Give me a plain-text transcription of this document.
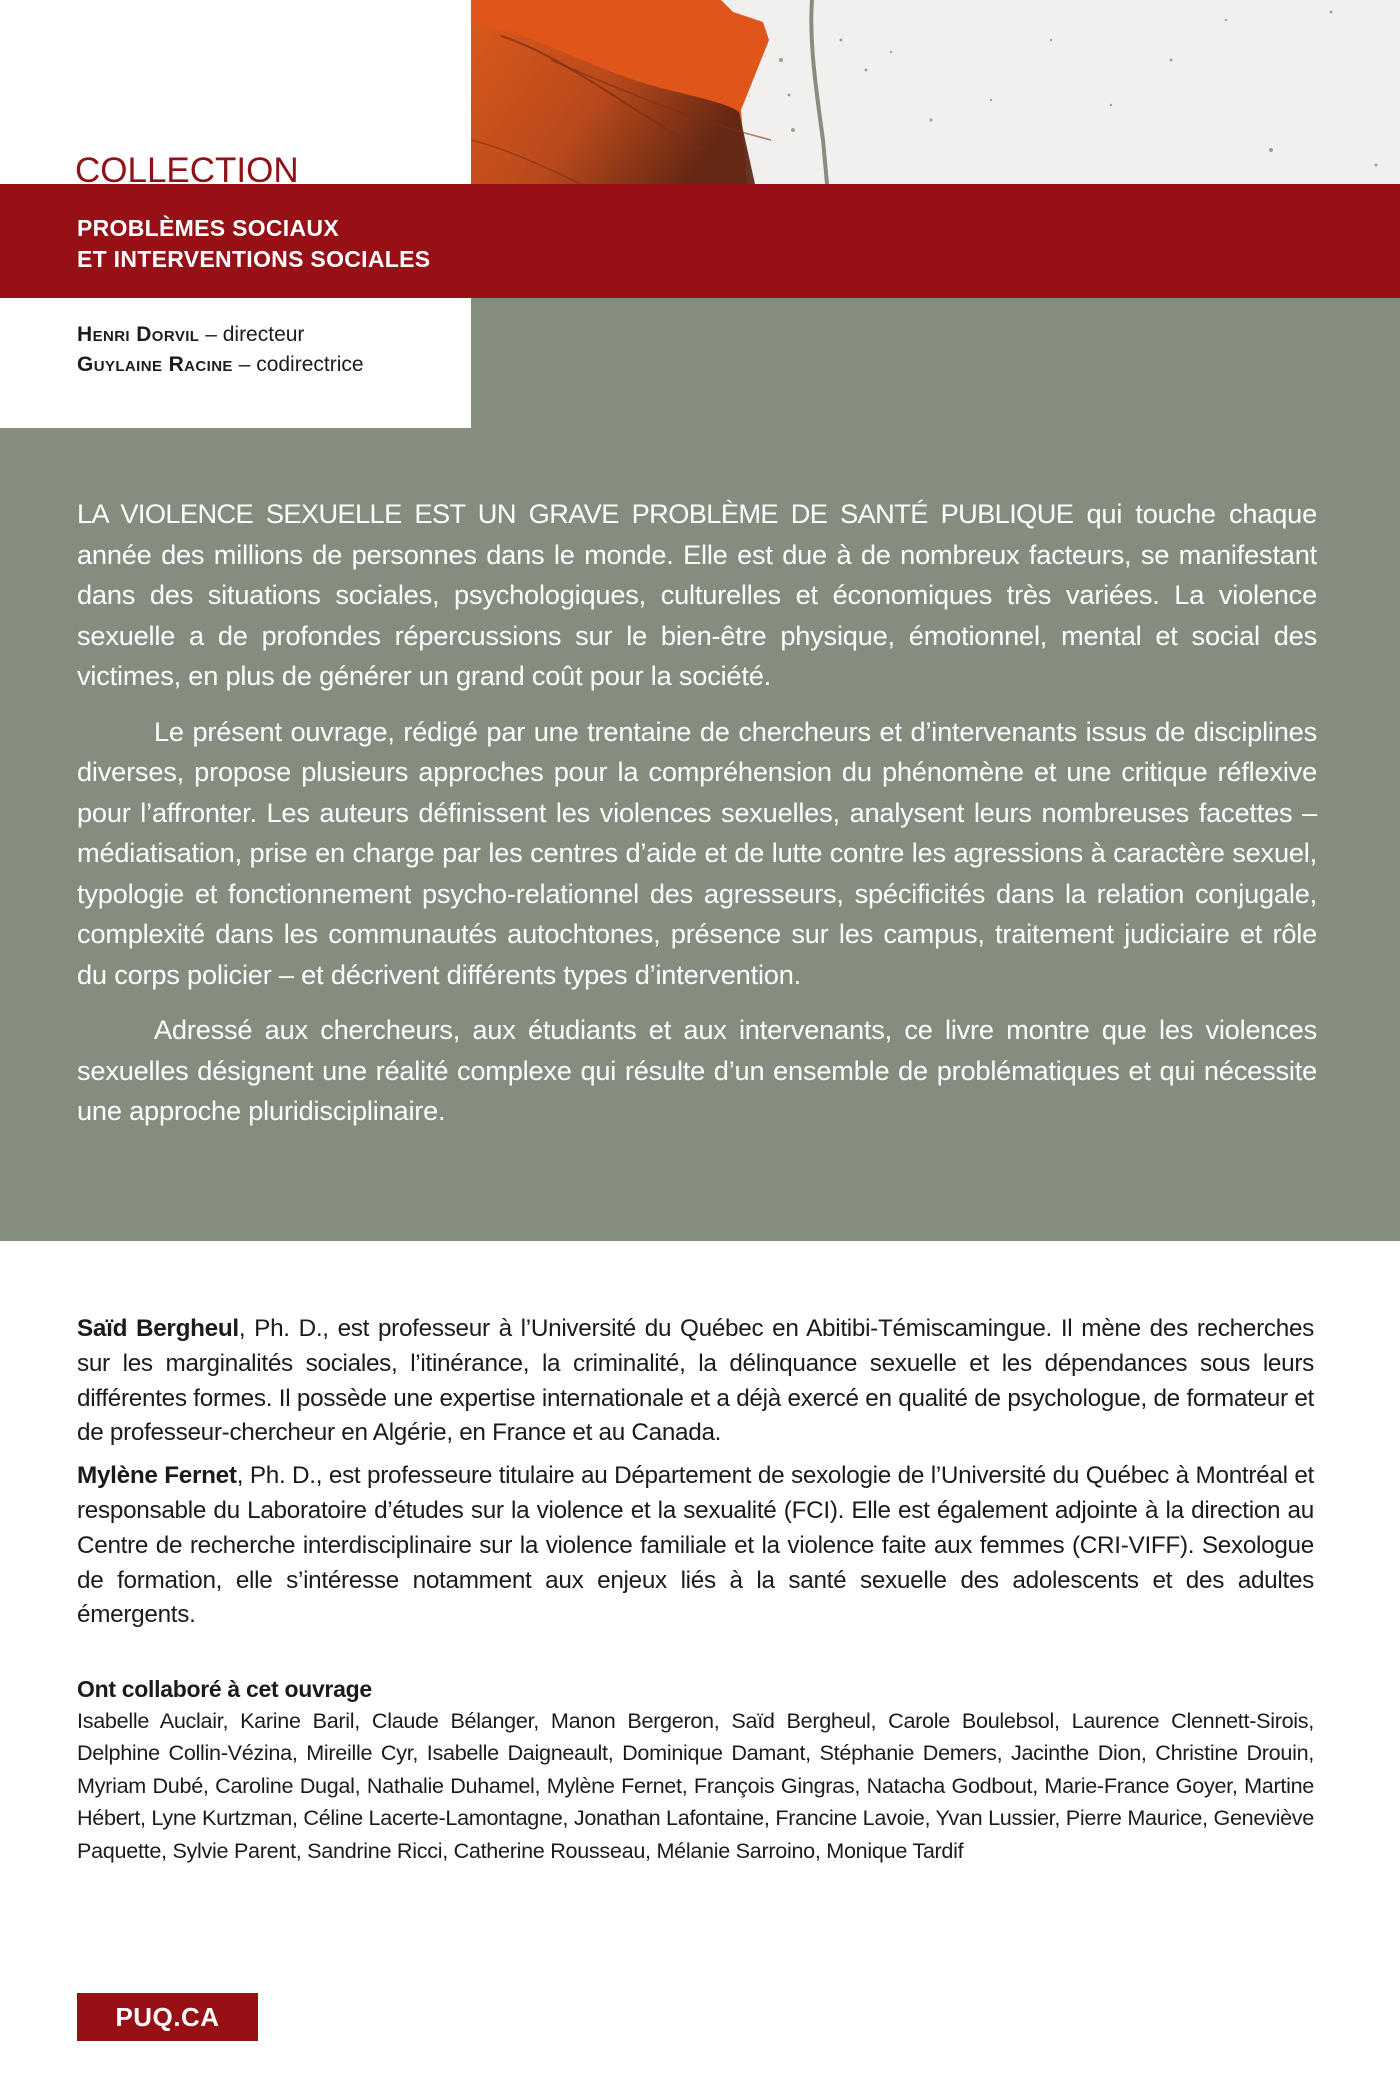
Henri Dorvil – directeur
Guylaine Racine – codirectrice
COLLECTION
PROBLÈMES SOCIAUX
ET INTERVENTIONS SOCIALES

LA VIOLENCE SEXUELLE EST UN GRAVE PROBLÈME DE SANTÉ PUBLIQUE qui touche chaque année des millions de personnes dans le monde. Elle est due à de nombreux facteurs, se manifestant dans des situations sociales, psychologiques, culturelles et économiques très variées. La violence sexuelle a de profondes répercussions sur le bien-être physique, émotionnel, mental et social des victimes, en plus de générer un grand coût pour la société.

Le présent ouvrage, rédigé par une trentaine de chercheurs et d’intervenants issus de disciplines diverses, propose plusieurs approches pour la compréhension du phénomène et une critique réflexive pour l’affronter. Les auteurs définissent les violences sexuelles, analysent leurs nombreuses facettes – médiatisation, prise en charge par les centres d’aide et de lutte contre les agressions à caractère sexuel, typologie et fonctionnement psycho-relationnel des agresseurs, spécificités dans la relation conjugale, complexité dans les communautés autochtones, présence sur les campus, traitement judiciaire et rôle du corps policier – et décrivent différents types d’intervention.

Adressé aux chercheurs, aux étudiants et aux intervenants, ce livre montre que les violences sexuelles désignent une réalité complexe qui résulte d’un ensemble de problématiques et qui nécessite une approche pluridisciplinaire.

Saïd Bergheul, Ph. D., est professeur à l’Université du Québec en Abitibi-Témiscamingue. Il mène des recherches sur les marginalités sociales, l’itinérance, la criminalité, la délinquance sexuelle et les dépendances sous leurs différentes formes. Il possède une expertise internationale et a déjà exercé en qualité de psychologue, de formateur et de professeur-chercheur en Algérie, en France et au Canada.

Mylène Fernet, Ph. D., est professeure titulaire au Département de sexologie de l’Université du Québec à Montréal et responsable du Laboratoire d’études sur la violence et la sexualité (FCI). Elle est également adjointe à la direction au Centre de recherche interdisciplinaire sur la violence familiale et la violence faite aux femmes (CRI-VIFF). Sexologue de formation, elle s’intéresse notamment aux enjeux liés à la santé sexuelle des adolescents et des adultes émergents.

Ont collaboré à cet ouvrage
Isabelle Auclair, Karine Baril, Claude Bélanger, Manon Bergeron, Saïd Bergheul, Carole Boulebsol, Laurence Clennett-Sirois, Delphine Collin-Vézina, Mireille Cyr, Isabelle Daigneault, Dominique Damant, Stéphanie Demers, Jacinthe Dion, Christine Drouin, Myriam Dubé, Caroline Dugal, Nathalie Duhamel, Mylène Fernet, François Gingras, Natacha Godbout, Marie-France Goyer, Martine Hébert, Lyne Kurtzman, Céline Lacerte-Lamontagne, Jonathan Lafontaine, Francine Lavoie, Yvan Lussier, Pierre Maurice, Geneviève Paquette, Sylvie Parent, Sandrine Ricci, Catherine Rousseau, Mélanie Sarroino, Monique Tardif
PUQ.CA
